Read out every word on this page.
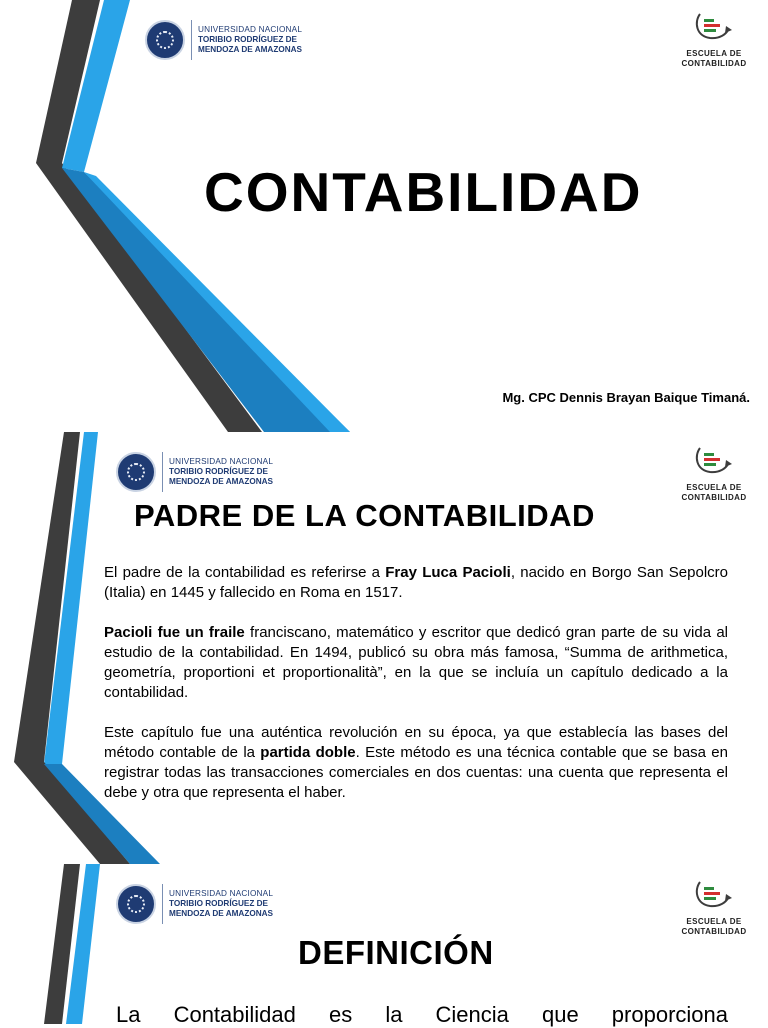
UNIVERSIDAD NACIONAL
TORIBIO RODRÍGUEZ DE
MENDOZA DE AMAZONAS	ESCUELA DE
CONTABILIDAD
CONTABILIDAD
Mg. CPC Dennis Brayan Baique Timaná.
UNIVERSIDAD NACIONAL
TORIBIO RODRÍGUEZ DE
MENDOZA DE AMAZONAS
ESCUELA DE
CONTABILIDAD
PADRE DE LA CONTABILIDAD

El padre de la contabilidad es referirse a Fray Luca Pacioli, nacido en Borgo San Sepolcro (Italia) en 1445 y fallecido en Roma en 1517.

Pacioli fue un fraile franciscano, matemático y escritor que dedicó gran parte de su vida al estudio de la contabilidad. En 1494, publicó su obra más famosa, “Summa de arithmetica, geometría, proportioni et proportionalità”, en la que se incluía un capítulo dedicado a la contabilidad.

Este capítulo fue una auténtica revolución en su época, ya que establecía las bases del método contable de la partida doble. Este método es una técnica contable que se basa en registrar todas las transacciones comerciales en dos cuentas: una cuenta que representa el debe y otra que representa el haber.

UNIVERSIDAD NACIONAL
TORIBIO RODRÍGUEZ DE
MENDOZA DE AMAZONAS
ESCUELA DE
CONTABILIDAD
DEFINICIÓN
La Contabilidad es la Ciencia que proporciona
